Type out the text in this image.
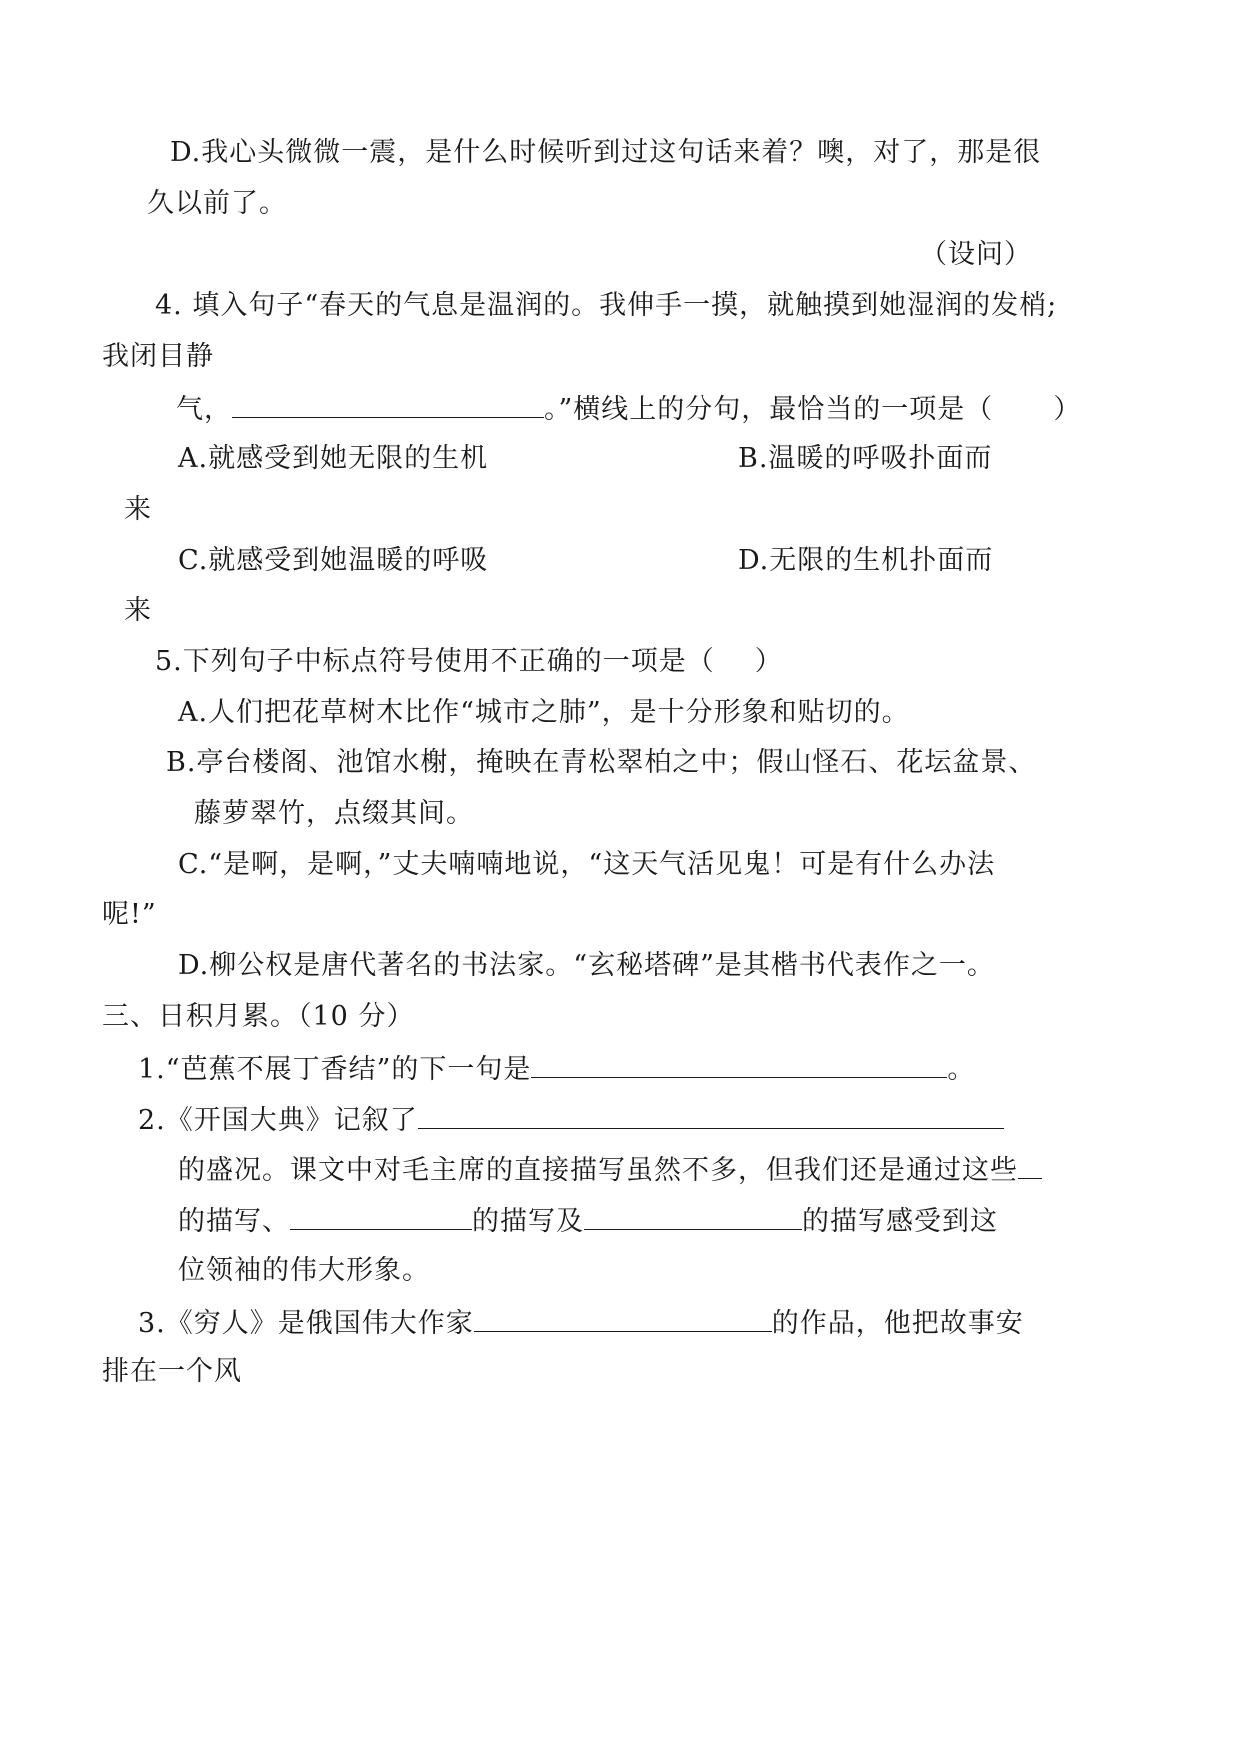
D.我心头微微一震，是什么时候听到过这句话来着？噢，对了，那是很
久以前了。
（设问）
4. 填入句子“春天的气息是温润的。我伸手一摸，就触摸到她湿润的发梢;
我闭目静
气，	。”横线上的分句，最恰当的一项是（ ）
A.就感受到她无限的生机	B.温暖的呼吸扑面而
来
C.就感受到她温暖的呼吸	D.无限的生机扑面而
来
5.下列句子中标点符号使用不正确的一项是（ ）
A.人们把花草树木比作“城市之肺”，是十分形象和贴切的。
B.亭台楼阁、池馆水榭，掩映在青松翠柏之中；假山怪石、花坛盆景、
藤萝翠竹，点缀其间。
C.“是啊，是啊，”丈夫喃喃地说，“这天气活见鬼！可是有什么办法
呢!”
D.柳公权是唐代著名的书法家。“玄秘塔碑”是其楷书代表作之一。
三、日积月累。（10 分）
1.“芭蕉不展丁香结”的下一句是	。
2.《开国大典》记叙了
的盛况。课文中对毛主席的直接描写虽然不多，但我们还是通过这些
的描写、	的描写及	的描写感受到这
位领袖的伟大形象。
3.《穷人》是俄国伟大作家	的作品，他把故事安
排在一个风
